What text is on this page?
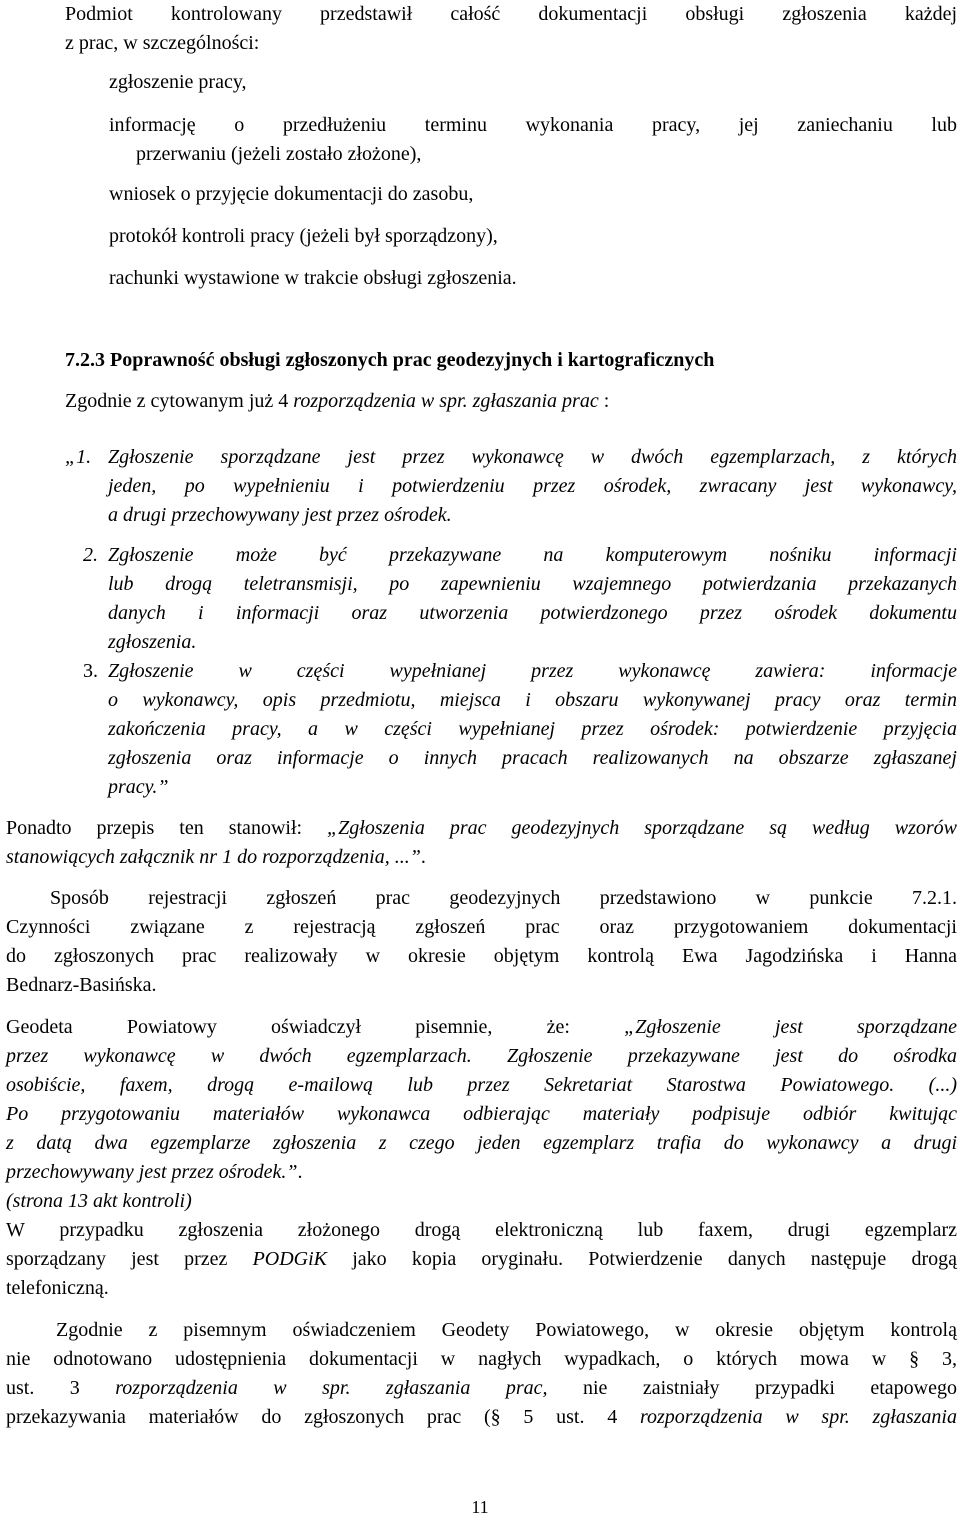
Podmiot kontrolowany przedstawił całość dokumentacji obsługi zgłoszenia każdej

z prac, w szczególności:

zgłoszenie pracy,

informację o przedłużeniu terminu wykonania pracy, jej zaniechaniu lub

przerwaniu (jeżeli zostało złożone),

wniosek o przyjęcie dokumentacji do zasobu,

protokół kontroli pracy (jeżeli był sporządzony),

rachunki wystawione w trakcie obsługi zgłoszenia.

7.2.3 Poprawność obsługi zgłoszonych prac geodezyjnych i kartograficznych

Zgodnie z cytowanym już 4 rozporządzenia w spr. zgłaszania prac :

„1. Zgłoszenie sporządzane jest przez wykonawcę w dwóch egzemplarzach, z których

jeden, po wypełnieniu i potwierdzeniu przez ośrodek, zwracany jest wykonawcy,

a drugi przechowywany jest przez ośrodek.

2. Zgłoszenie może być przekazywane na komputerowym nośniku informacji

lub drogą teletransmisji, po zapewnieniu wzajemnego potwierdzania przekazanych

danych i informacji oraz utworzenia potwierdzonego przez ośrodek dokumentu

zgłoszenia.

3. Zgłoszenie w części wypełnianej przez wykonawcę zawiera: informacje

o wykonawcy, opis przedmiotu, miejsca i obszaru wykonywanej pracy oraz termin

zakończenia pracy, a w części wypełnianej przez ośrodek: potwierdzenie przyjęcia

zgłoszenia oraz informacje o innych pracach realizowanych na obszarze zgłaszanej

pracy.”

Ponadto przepis ten stanowił: „Zgłoszenia prac geodezyjnych sporządzane są według wzorów

stanowiących załącznik nr 1 do rozporządzenia, ...”.

Sposób rejestracji zgłoszeń prac geodezyjnych przedstawiono w punkcie 7.2.1.

Czynności związane z rejestracją zgłoszeń prac oraz przygotowaniem dokumentacji

do zgłoszonych prac realizowały w okresie objętym kontrolą Ewa Jagodzińska i Hanna

Bednarz-Basińska.

Geodeta Powiatowy oświadczył pisemnie, że: „Zgłoszenie jest sporządzane

przez wykonawcę w dwóch egzemplarzach. Zgłoszenie przekazywane jest do ośrodka

osobiście, faxem, drogą e-mailową lub przez Sekretariat Starostwa Powiatowego. (...)

Po przygotowaniu materiałów wykonawca odbierając materiały podpisuje odbiór kwitując

z datą dwa egzemplarze zgłoszenia z czego jeden egzemplarz trafia do wykonawcy a drugi

przechowywany jest przez ośrodek.”.

(strona 13 akt kontroli)

W przypadku zgłoszenia złożonego drogą elektroniczną lub faxem, drugi egzemplarz

sporządzany jest przez PODGiK jako kopia oryginału. Potwierdzenie danych następuje drogą

telefoniczną.

Zgodnie z pisemnym oświadczeniem Geodety Powiatowego, w okresie objętym kontrolą

nie odnotowano udostępnienia dokumentacji w nagłych wypadkach, o których mowa w § 3,

ust. 3 rozporządzenia w spr. zgłaszania prac, nie zaistniały przypadki etapowego

przekazywania materiałów do zgłoszonych prac (§ 5 ust. 4 rozporządzenia w spr. zgłaszania

11
